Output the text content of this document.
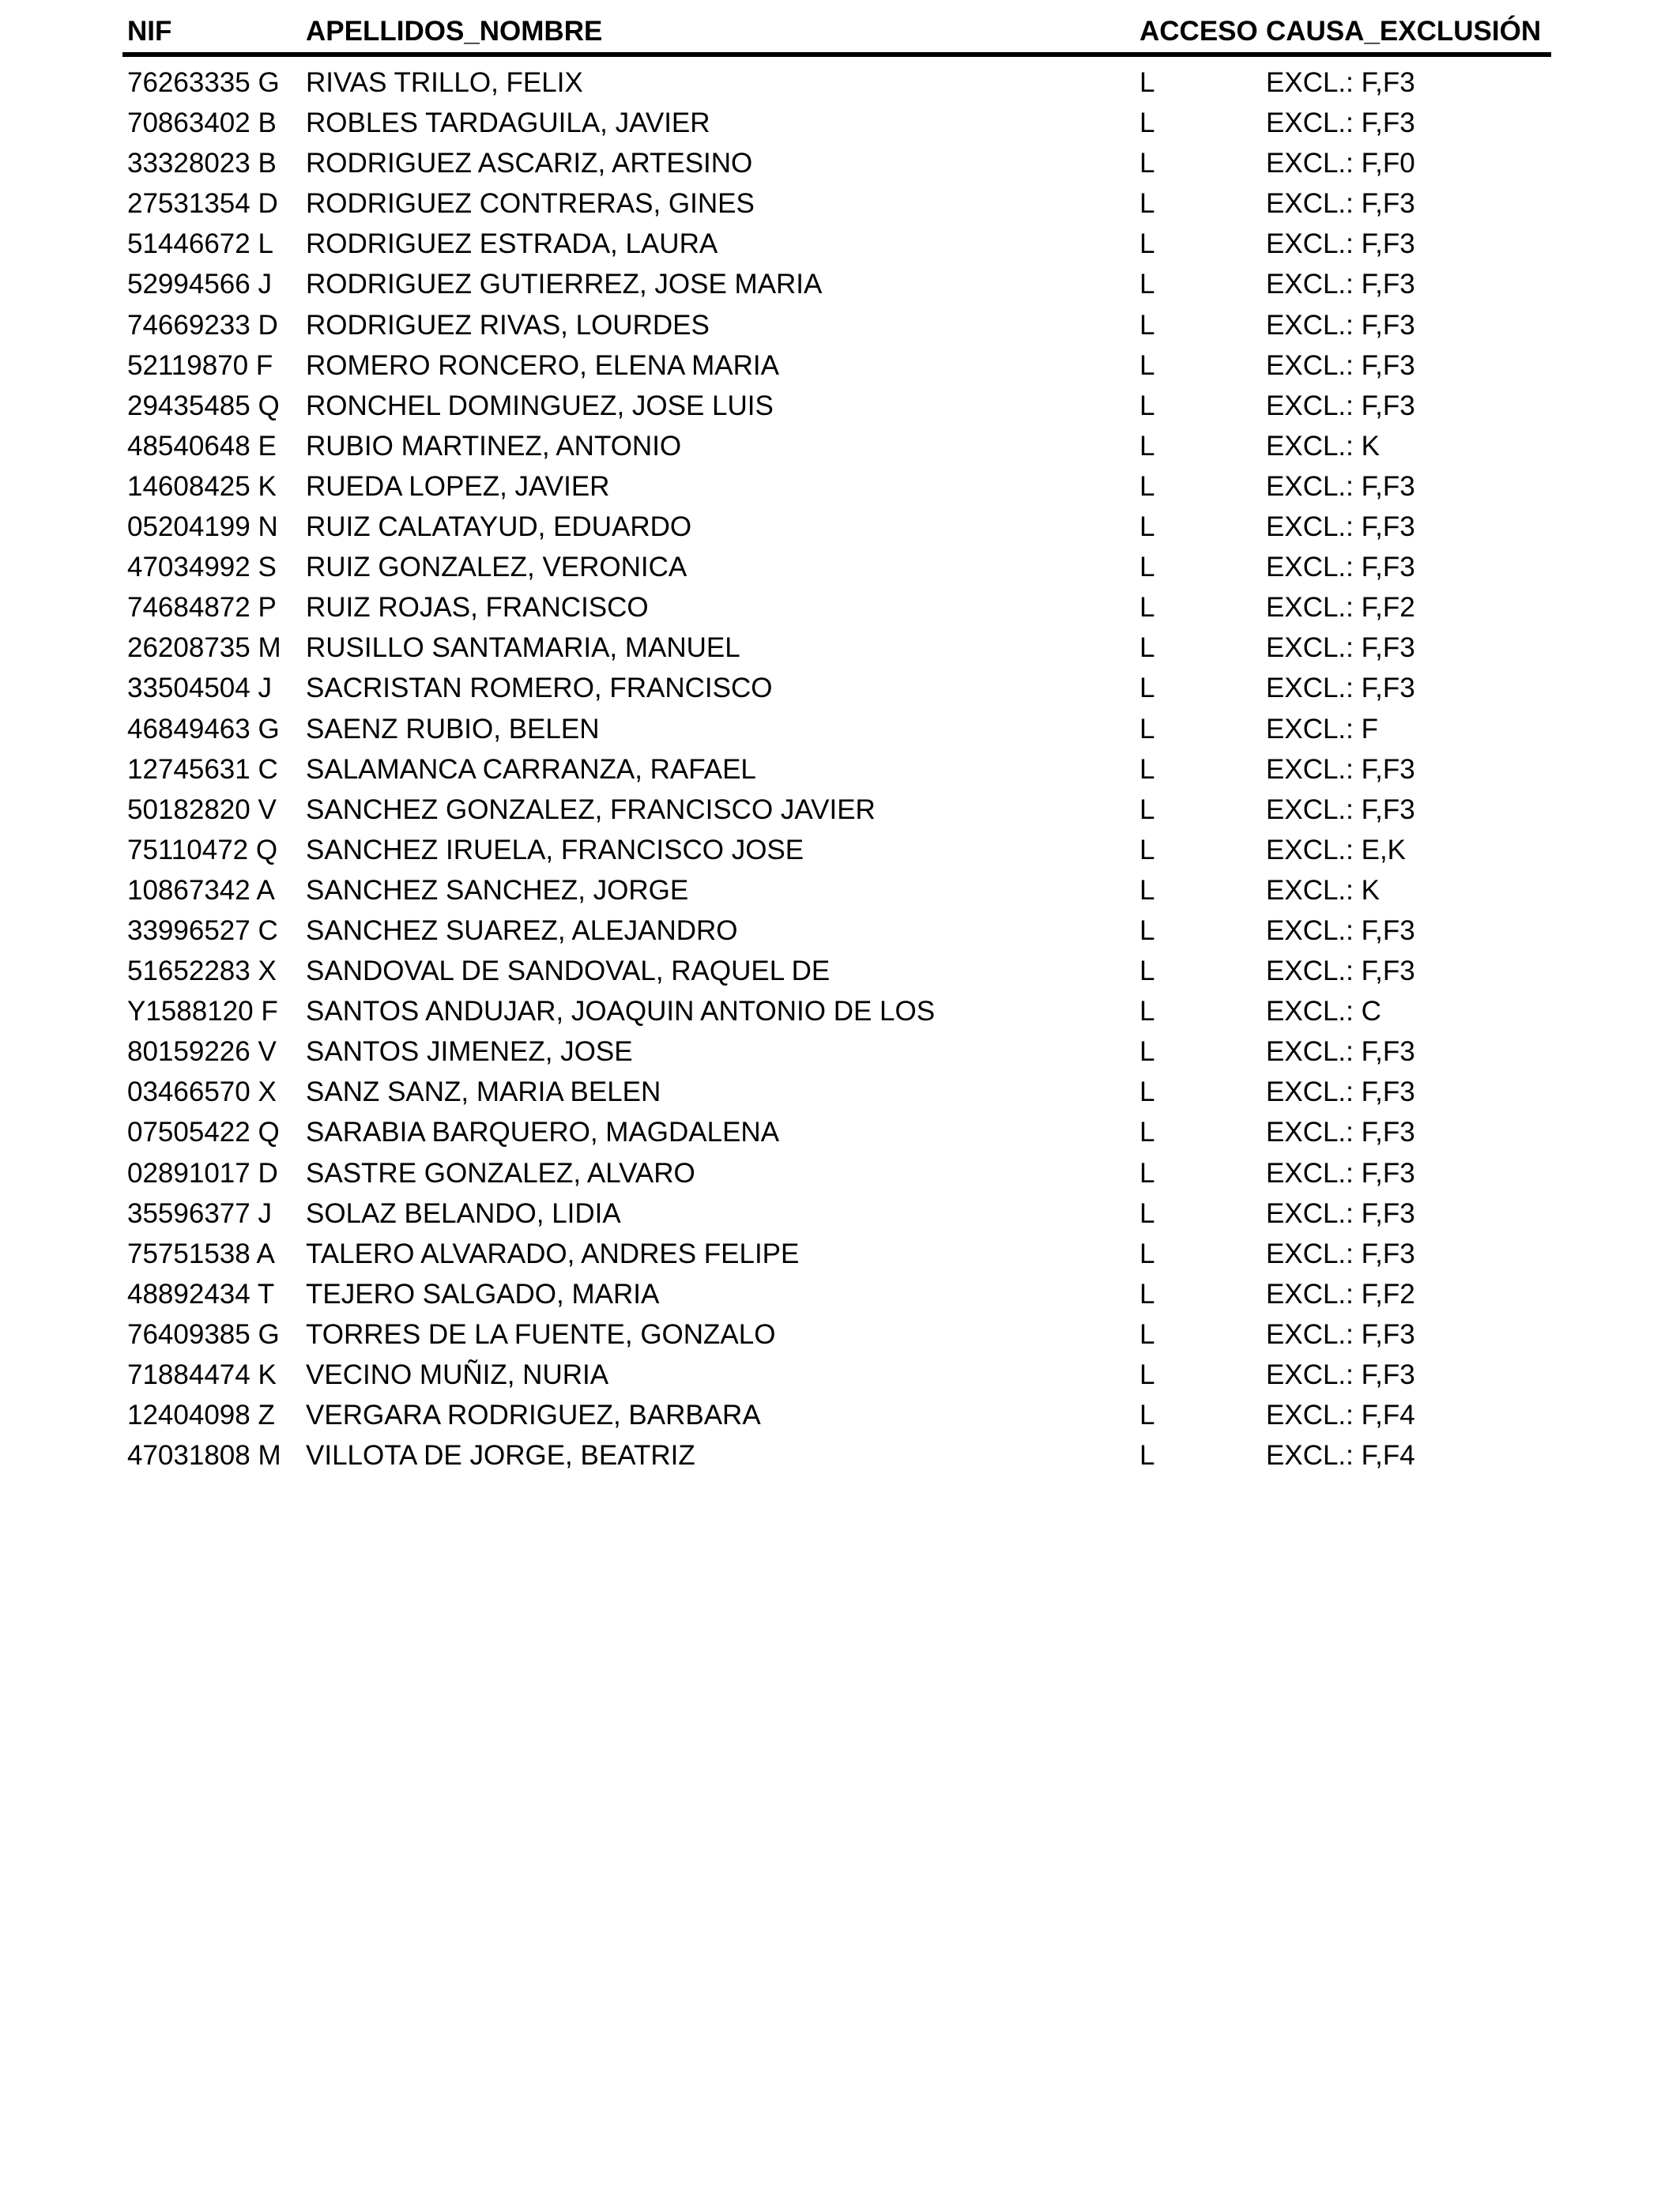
NIF	APELLIDOS_NOMBRE	ACCESO CAUSA_EXCLUSIÓN
76263335 G RIVAS TRILLO, FELIX	L	EXCL.: F,F3
70863402 B ROBLES TARDAGUILA, JAVIER	L	EXCL.: F,F3
33328023 B RODRIGUEZ ASCARIZ, ARTESINO	L	EXCL.: F,F0
27531354 D RODRIGUEZ CONTRERAS, GINES	L	EXCL.: F,F3
51446672 L RODRIGUEZ ESTRADA, LAURA	L	EXCL.: F,F3
52994566 J RODRIGUEZ GUTIERREZ, JOSE MARIA	L	EXCL.: F,F3
74669233 D RODRIGUEZ RIVAS, LOURDES	L	EXCL.: F,F3
52119870 F ROMERO RONCERO, ELENA MARIA	L	EXCL.: F,F3
29435485 Q RONCHEL DOMINGUEZ, JOSE LUIS	L	EXCL.: F,F3
48540648 E RUBIO MARTINEZ, ANTONIO	L	EXCL.: K
14608425 K RUEDA LOPEZ, JAVIER	L	EXCL.: F,F3
05204199 N RUIZ CALATAYUD, EDUARDO	L	EXCL.: F,F3
47034992 S RUIZ GONZALEZ, VERONICA	L	EXCL.: F,F3
74684872 P RUIZ ROJAS, FRANCISCO	L	EXCL.: F,F2
26208735 M RUSILLO SANTAMARIA, MANUEL	L	EXCL.: F,F3
33504504 J SACRISTAN ROMERO, FRANCISCO	L	EXCL.: F,F3
46849463 G SAENZ RUBIO, BELEN	L	EXCL.: F
12745631 C SALAMANCA CARRANZA, RAFAEL	L	EXCL.: F,F3
50182820 V SANCHEZ GONZALEZ, FRANCISCO JAVIER	L	EXCL.: F,F3
75110472 Q SANCHEZ IRUELA, FRANCISCO JOSE	L	EXCL.: E,K
10867342 A SANCHEZ SANCHEZ, JORGE	L	EXCL.: K
33996527 C SANCHEZ SUAREZ, ALEJANDRO	L	EXCL.: F,F3
51652283 X SANDOVAL DE SANDOVAL, RAQUEL DE	L	EXCL.: F,F3
Y1588120 F SANTOS ANDUJAR, JOAQUIN ANTONIO DE LOS	L	EXCL.: C
80159226 V SANTOS JIMENEZ, JOSE	L	EXCL.: F,F3
03466570 X SANZ SANZ, MARIA BELEN	L	EXCL.: F,F3
07505422 Q SARABIA BARQUERO, MAGDALENA	L	EXCL.: F,F3
02891017 D SASTRE GONZALEZ, ALVARO	L	EXCL.: F,F3
35596377 J SOLAZ BELANDO, LIDIA	L	EXCL.: F,F3
75751538 A TALERO ALVARADO, ANDRES FELIPE	L	EXCL.: F,F3
48892434 T TEJERO SALGADO, MARIA	L	EXCL.: F,F2
76409385 G TORRES DE LA FUENTE, GONZALO	L	EXCL.: F,F3
71884474 K VECINO MUÑIZ, NURIA	L	EXCL.: F,F3
12404098 Z VERGARA RODRIGUEZ, BARBARA	L	EXCL.: F,F4
47031808 M VILLOTA DE JORGE, BEATRIZ	L	EXCL.: F,F4
